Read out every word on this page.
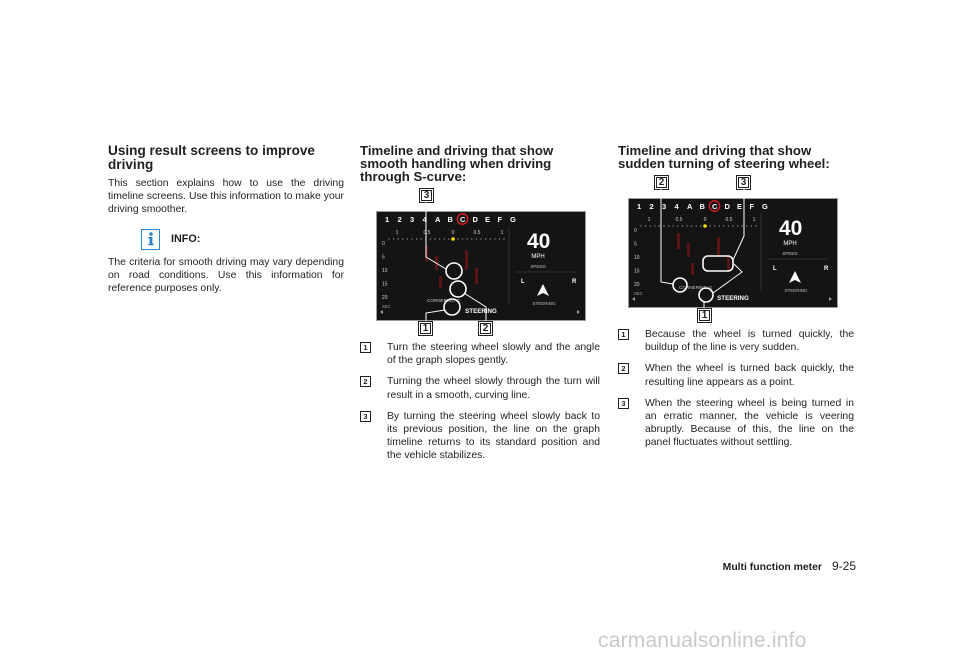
Using result screens to improve driving

This section explains how to use the driving timeline screens. Use this information to make your driving smoother.

INFO:

The criteria for smooth driving may vary depending on road conditions. Use this information for reference purposes only.

Timeline and driving that show smooth handling when driving through S-curve:
1 2 3 4 A B C D E F G
1	0.5	0	0.5	1
0
5
10
15
20
SEC
40
MPH
SPEED
L	R
STEERING
CORNERING G
STEERING
3
1	2
1	Turn the steering wheel slowly and the angle of the graph slopes gently.

2	Turning the wheel slowly through the turn will result in a smooth, curving line.

3	By turning the steering wheel slowly back to its previous position, the line on the graph timeline returns to its standard position and the vehicle stabilizes.

Timeline and driving that show sudden turning of steering wheel:
1 2 3 4 A B C D E F G
1	0.5	0	0.5	1
0
5
10
15
20
SEC
40
MPH
SPEED
L	R
STEERING
CORNERING G
STEERING
2	3
1
1	Because the wheel is turned quickly, the buildup of the line is very sudden.

2	When the wheel is turned back quickly, the resulting line appears as a point.

3	When the steering wheel is being turned in an erratic manner, the vehicle is veering abruptly. Because of this, the line on the panel fluctuates without settling.

Multi function meter 9-25
carmanualsonline.info
